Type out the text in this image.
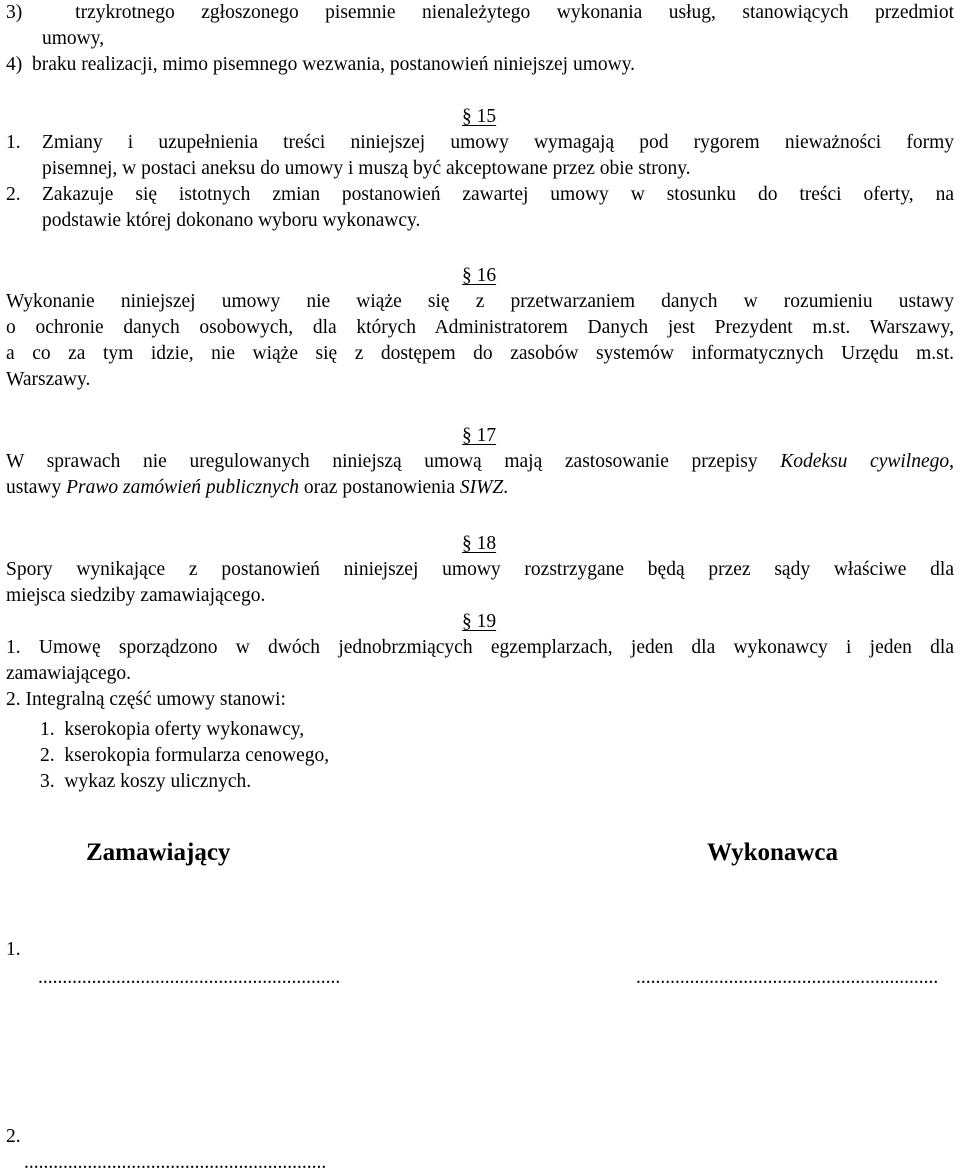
3)  trzykrotnego zgłoszonego pisemnie nienależytego wykonania usług, stanowiących przedmiot
umowy,
4)  braku realizacji, mimo pisemnego wezwania, postanowień niniejszej umowy.
§ 15
1. Zmiany i uzupełnienia treści niniejszej umowy wymagają pod rygorem nieważności formy
pisemnej, w postaci aneksu do umowy i muszą być akceptowane przez obie strony.
2. Zakazuje się istotnych zmian postanowień zawartej umowy w stosunku do treści oferty, na
podstawie której dokonano wyboru wykonawcy.
§ 16
Wykonanie niniejszej umowy nie wiąże się z przetwarzaniem danych w rozumieniu ustawy
o ochronie danych osobowych, dla których Administratorem Danych jest Prezydent m.st. Warszawy,
a co za tym idzie, nie wiąże się z dostępem do zasobów systemów informatycznych Urzędu m.st.
Warszawy.
§ 17
W sprawach nie uregulowanych niniejszą umową mają zastosowanie przepisy Kodeksu cywilnego,
ustawy Prawo zamówień publicznych oraz postanowienia SIWZ.
§ 18
Spory wynikające z postanowień niniejszej umowy rozstrzygane będą przez sądy właściwe dla
miejsca siedziby zamawiającego.
§ 19
1. Umowę sporządzono w dwóch jednobrzmiących egzemplarzach, jeden dla wykonawcy i jeden dla
zamawiającego.
2. Integralną część umowy stanowi:
1.  kserokopia oferty wykonawcy,
2.  kserokopia formularza cenowego,
3.  wykaz koszy ulicznych.
Zamawiający	Wykonawca
1.
..............................................................	..............................................................
2.
..............................................................
